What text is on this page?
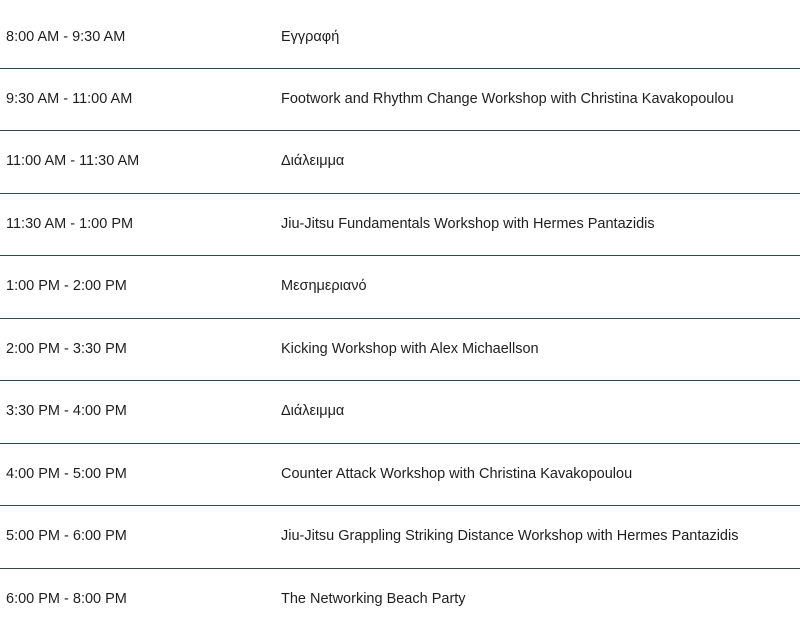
8:00 AM - 9:30 AM	Εγγραφή
9:30 AM - 11:00 AM	Footwork and Rhythm Change Workshop with Christina Kavakopoulou
11:00 AM - 11:30 AM	Διάλειμμα
11:30 AM - 1:00 PM	Jiu-Jitsu Fundamentals Workshop with Hermes Pantazidis
1:00 PM - 2:00 PM	Μεσημεριανό
2:00 PM - 3:30 PM	Kicking Workshop with Alex Michaellson
3:30 PM - 4:00 PM	Διάλειμμα
4:00 PM - 5:00 PM	Counter Attack Workshop with Christina Kavakopoulou
5:00 PM - 6:00 PM	Jiu-Jitsu Grappling Striking Distance Workshop with Hermes Pantazidis
6:00 PM - 8:00 PM	The Networking Beach Party
